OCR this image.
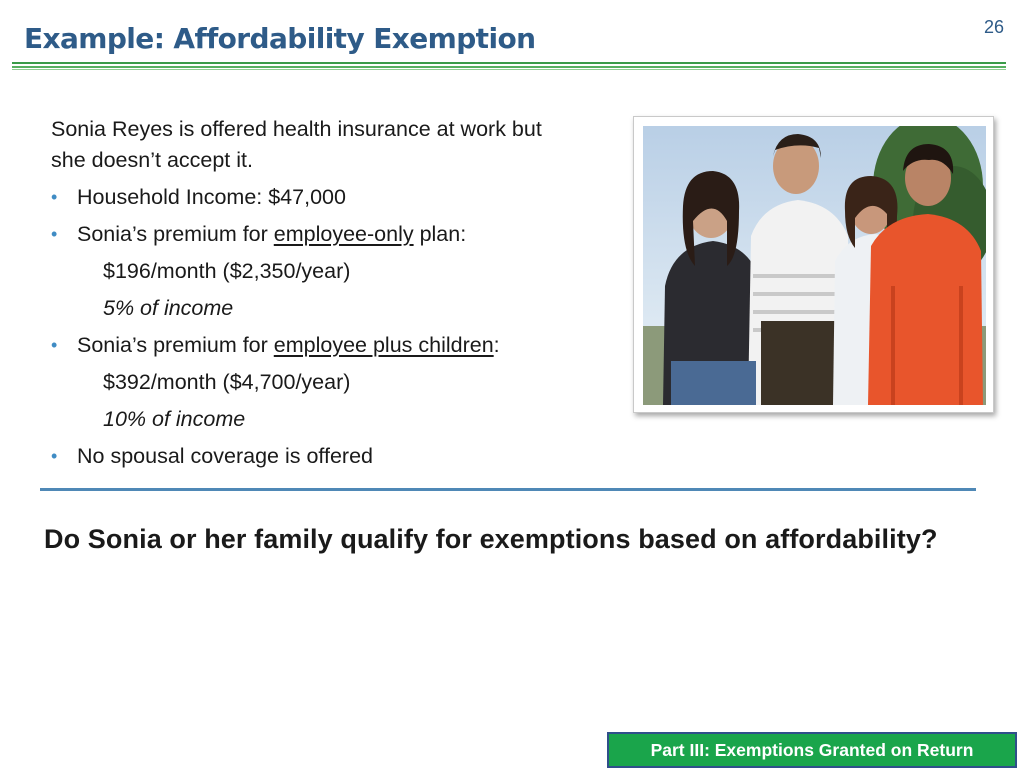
Example: Affordability Exemption	26
Sonia Reyes is offered health insurance at work but
she doesn’t accept it.
• Household Income: $47,000
• Sonia’s premium for employee-only plan:
$196/month ($2,350/year)
5% of income
• Sonia’s premium for employee plus children:
$392/month ($4,700/year)
10% of income
• No spousal coverage is offered
Do Sonia or her family qualify for exemptions based on affordability?
Part III: Exemptions Granted on Return
